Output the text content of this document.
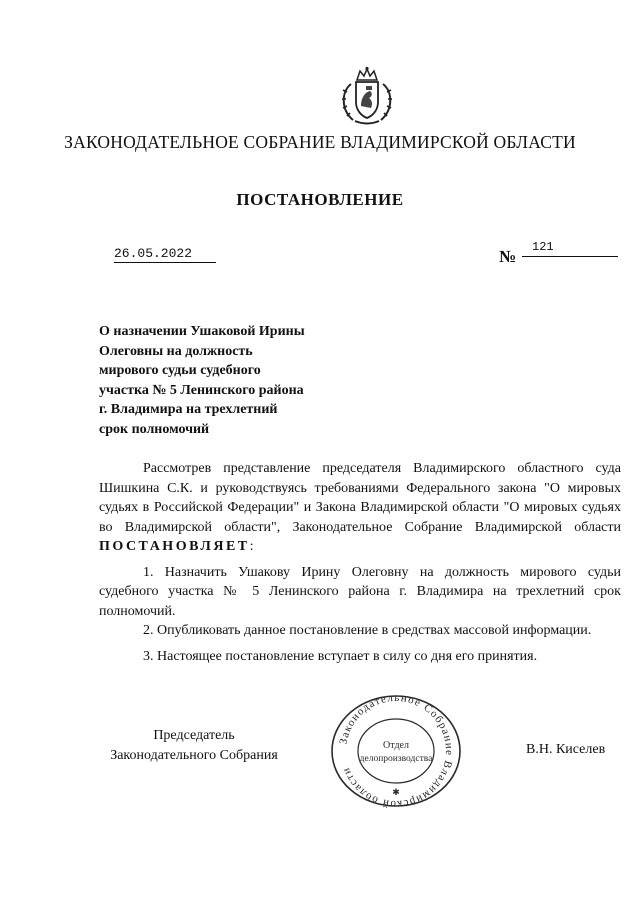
ЗАКОНОДАТЕЛЬНОЕ СОБРАНИЕ ВЛАДИМИРСКОЙ ОБЛАСТИ
ПОСТАНОВЛЕНИЕ
26.05.2022	№	121
О назначении Ушаковой Ирины
Олеговны на должность
мирового судьи судебного
участка № 5 Ленинского района
г. Владимира на трехлетний
срок полномочий

Рассмотрев представление председателя Владимирского областного суда Шишкина С.К. и руководствуясь требованиями Федерального закона "О мировых судьях в Российской Федерации" и Закона Владимирской области "О мировых судьях во Владимирской области", Законодательное Собрание Владимирской области ПОСТАНОВЛЯЕТ:

1. Назначить Ушакову Ирину Олеговну на должность мирового судьи судебного участка № 5 Ленинского района г. Владимира на трехлетний срок полномочий.

2. Опубликовать данное постановление в средствах массовой информации.

3. Настоящее постановление вступает в силу со дня его принятия.

Председатель
Законодательного Собрания
Законодательное Собрание Владимирской области
✱
Отдел
делопроизводства
В.Н. Киселев
